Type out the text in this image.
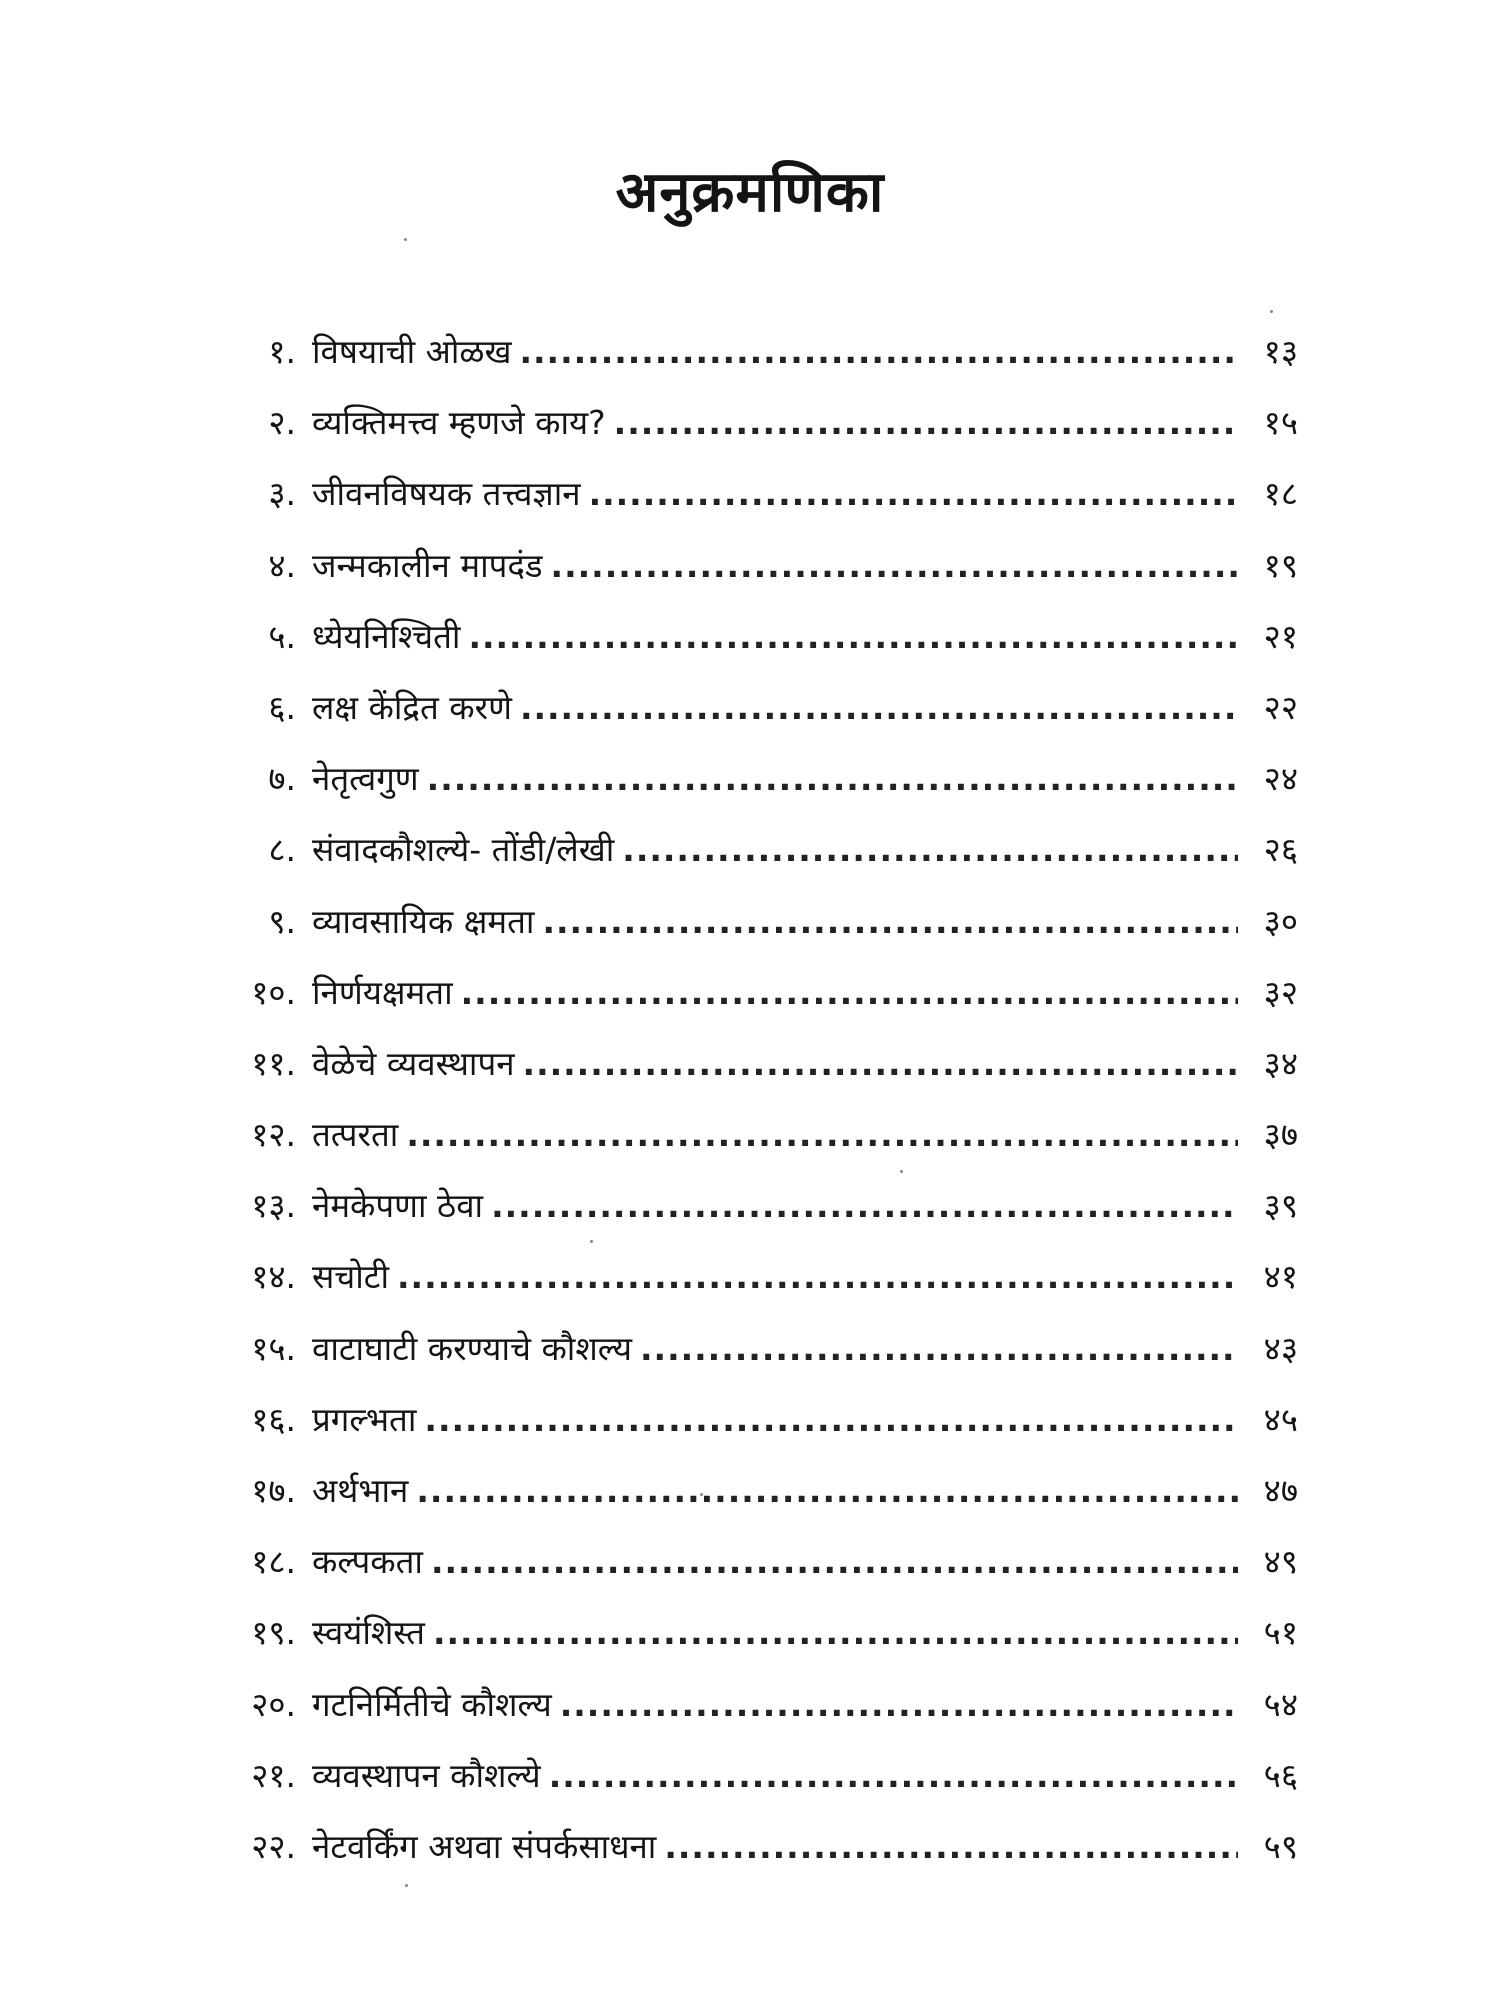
अनुक्रमणिका
१. विषयाची ओळख .....	१३
२. व्यक्तिमत्त्व म्हणजे काय? .....	१५
३. जीवनविषयक तत्त्वज्ञान .....	१८
४. जन्मकालीन मापदंड .....	१९
५. ध्येयनिश्चिती .....	२१
६. लक्ष केंद्रित करणे .....	२२
७. नेतृत्वगुण .....	२४
८. संवादकौशल्ये- तोंडी/लेखी .....	२६
९. व्यावसायिक क्षमता .....	३०
१०. निर्णयक्षमता .....	३२
११. वेळेचे व्यवस्थापन .....	३४
१२. तत्परता .....	३७
१३. नेमकेपणा ठेवा .....	३९
१४. सचोटी .....	४१
१५. वाटाघाटी करण्याचे कौशल्य .....	४३
१६. प्रगल्भता .....	४५
१७. अर्थभान .....	४७
१८. कल्पकता .....	४९
१९. स्वयंशिस्त .....	५१
२०. गटनिर्मितीचे कौशल्य .....	५४
२१. व्यवस्थापन कौशल्ये .....	५६
२२. नेटवर्किंग अथवा संपर्कसाधना .....	५९
